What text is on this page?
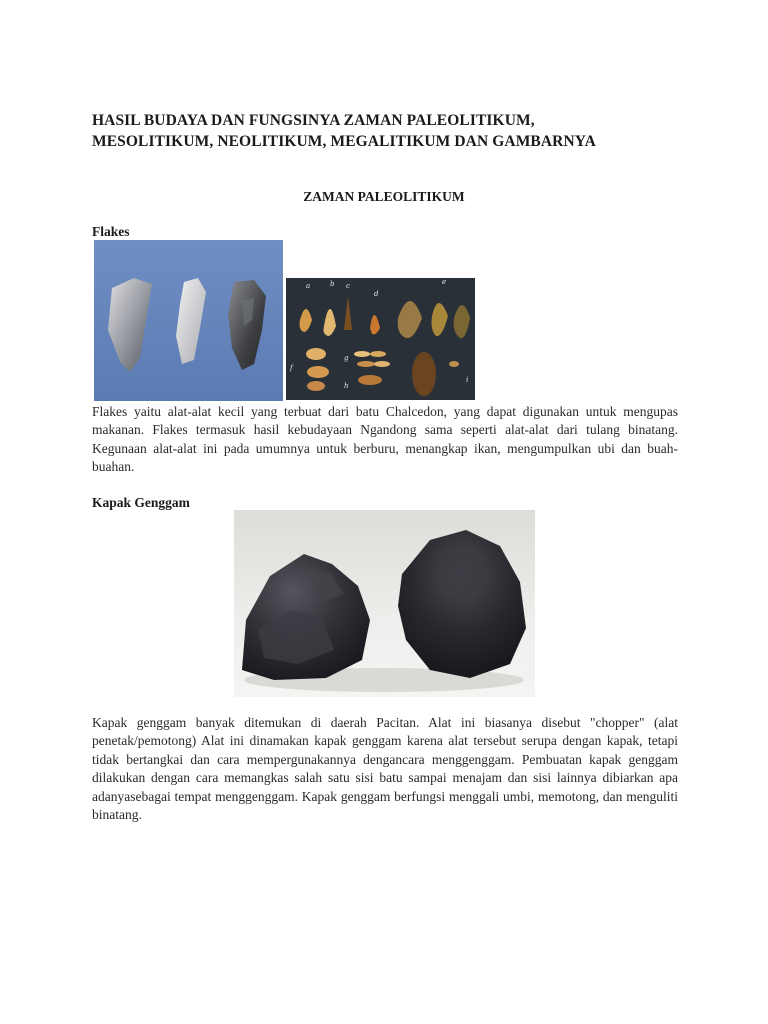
HASIL BUDAYA DAN FUNGSINYA ZAMAN PALEOLITIKUM,
MESOLITIKUM, NEOLITIKUM, MEGALITIKUM DAN GAMBARNYA
ZAMAN PALEOLITIKUM
Flakes
a	b c
d
e
f
g
h
i
Flakes yaitu alat-alat kecil yang terbuat dari batu Chalcedon, yang dapat digunakan untuk mengupas makanan. Flakes termasuk hasil kebudayaan Ngandong sama seperti alat-alat dari tulang binatang. Kegunaan alat-alat ini pada umumnya untuk berburu, menangkap ikan, mengumpulkan ubi dan buah-buahan.
Kapak Genggam
Kapak genggam banyak ditemukan di daerah Pacitan. Alat ini biasanya disebut "chopper" (alat penetak/pemotong) Alat ini dinamakan kapak genggam karena alat tersebut serupa dengan kapak, tetapi tidak bertangkai dan cara mempergunakannya dengancara menggenggam. Pembuatan kapak genggam dilakukan dengan cara memangkas salah satu sisi batu sampai menajam dan sisi lainnya dibiarkan apa adanyasebagai tempat menggenggam. Kapak genggam berfungsi menggali umbi, memotong, dan menguliti binatang.
